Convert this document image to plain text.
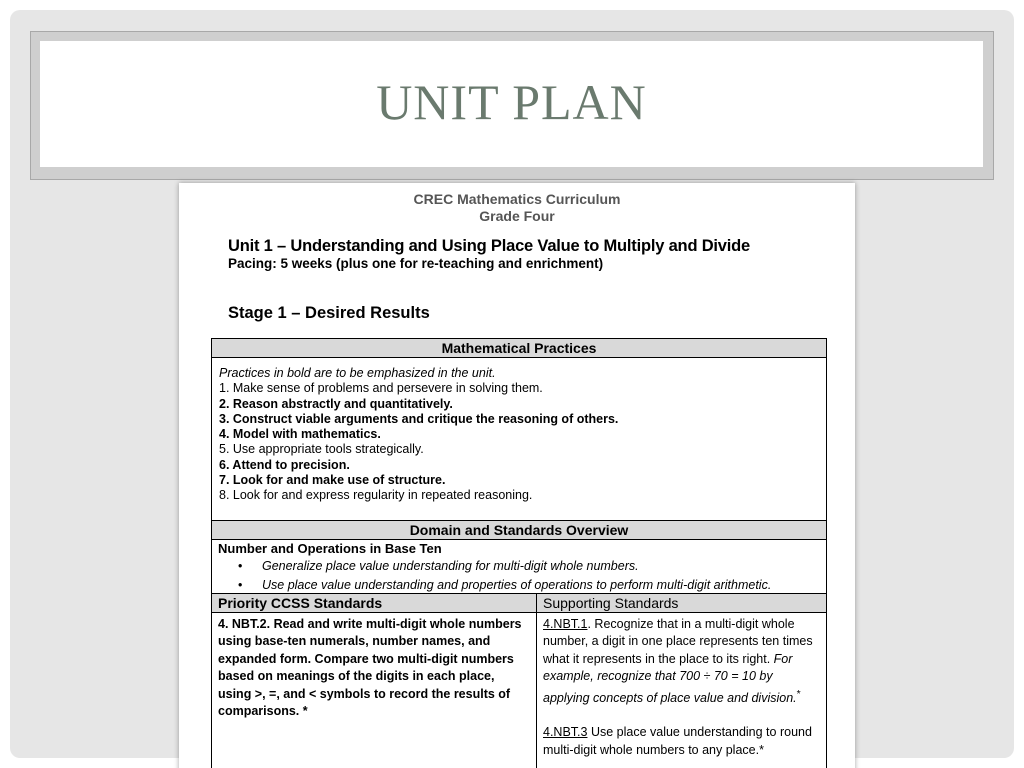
UNIT PLAN
CREC Mathematics Curriculum
Grade Four
Unit 1 – Understanding and Using Place Value to Multiply and Divide
Pacing: 5 weeks (plus one for re-teaching and enrichment)
Stage 1 – Desired Results
Mathematical Practices
Practices in bold are to be emphasized in the unit.
1. Make sense of problems and persevere in solving them.
2. Reason abstractly and quantitatively.
3. Construct viable arguments and critique the reasoning of others.
4. Model with mathematics.
5. Use appropriate tools strategically.
6. Attend to precision.
7. Look for and make use of structure.
8. Look for and express regularity in repeated reasoning.
Domain and Standards Overview
Number and Operations in Base Ten
•	Generalize place value understanding for multi-digit whole numbers.
•	Use place value understanding and properties of operations to perform multi-digit arithmetic.
Priority CCSS Standards
4. NBT.2. Read and write multi-digit whole numbers using base-ten numerals, number names, and expanded form. Compare two multi-digit numbers based on meanings of the digits in each place, using >, =, and < symbols to record the results of comparisons. *
Supporting Standards
4.NBT.1. Recognize that in a multi-digit whole number, a digit in one place represents ten times what it represents in the place to its right. For example, recognize that 700 ÷ 70 = 10 by applying concepts of place value and division.*
4.NBT.3 Use place value understanding to round multi-digit whole numbers to any place.*
